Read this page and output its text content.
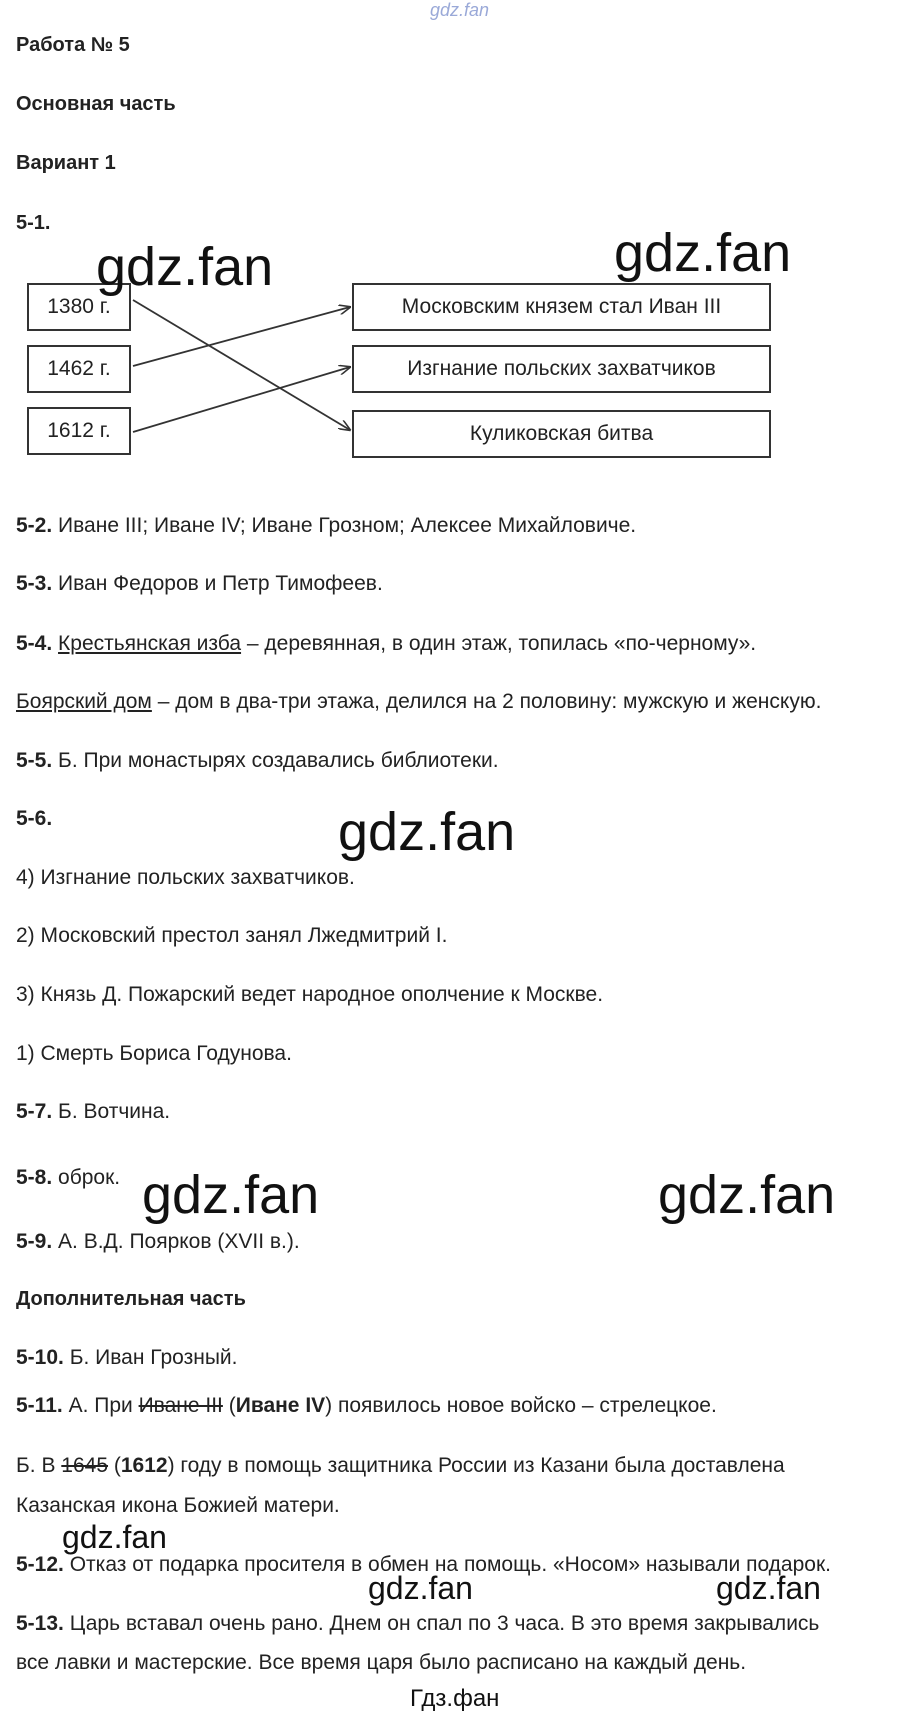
gdz.fan
Работа № 5
Основная часть
Вариант 1
5-1.
1380 г.
1462 г.
1612 г.
Московским князем стал Иван III
Изгнание польских захватчиков
Куликовская битва
5-2. Иване III; Иване IV; Иване Грозном; Алексее Михайловиче.
5-3. Иван Федоров и Петр Тимофеев.
5-4. Крестьянская изба – деревянная, в один этаж, топилась «по-черному».
Боярский дом – дом в два-три этажа, делился на 2 половину: мужскую и женскую.
5-5. Б. При монастырях создавались библиотеки.
5-6.
4) Изгнание польских захватчиков.
2) Московский престол занял Лжедмитрий I.
3) Князь Д. Пожарский ведет народное ополчение к Москве.
1) Смерть Бориса Годунова.
5-7. Б. Вотчина.
5-8. оброк.
5-9. А. В.Д. Поярков (XVII в.).
Дополнительная часть
5-10. Б. Иван Грозный.
5-11. А. При Иване III (Иване IV) появилось новое войско – стрелецкое.
Б. В 1645 (1612) году в помощь защитника России из Казани была доставлена
Казанская икона Божией матери.
5-12. Отказ от подарка просителя в обмен на помощь. «Носом» называли подарок.
5-13. Царь вставал очень рано. Днем он спал по 3 часа. В это время закрывались
все лавки и мастерские. Все время царя было расписано на каждый день.
gdz.fan	gdz.fan
gdz.fan
gdz.fan	gdz.fan
gdz.fan
gdz.fan	gdz.fan
Гдз.фан
